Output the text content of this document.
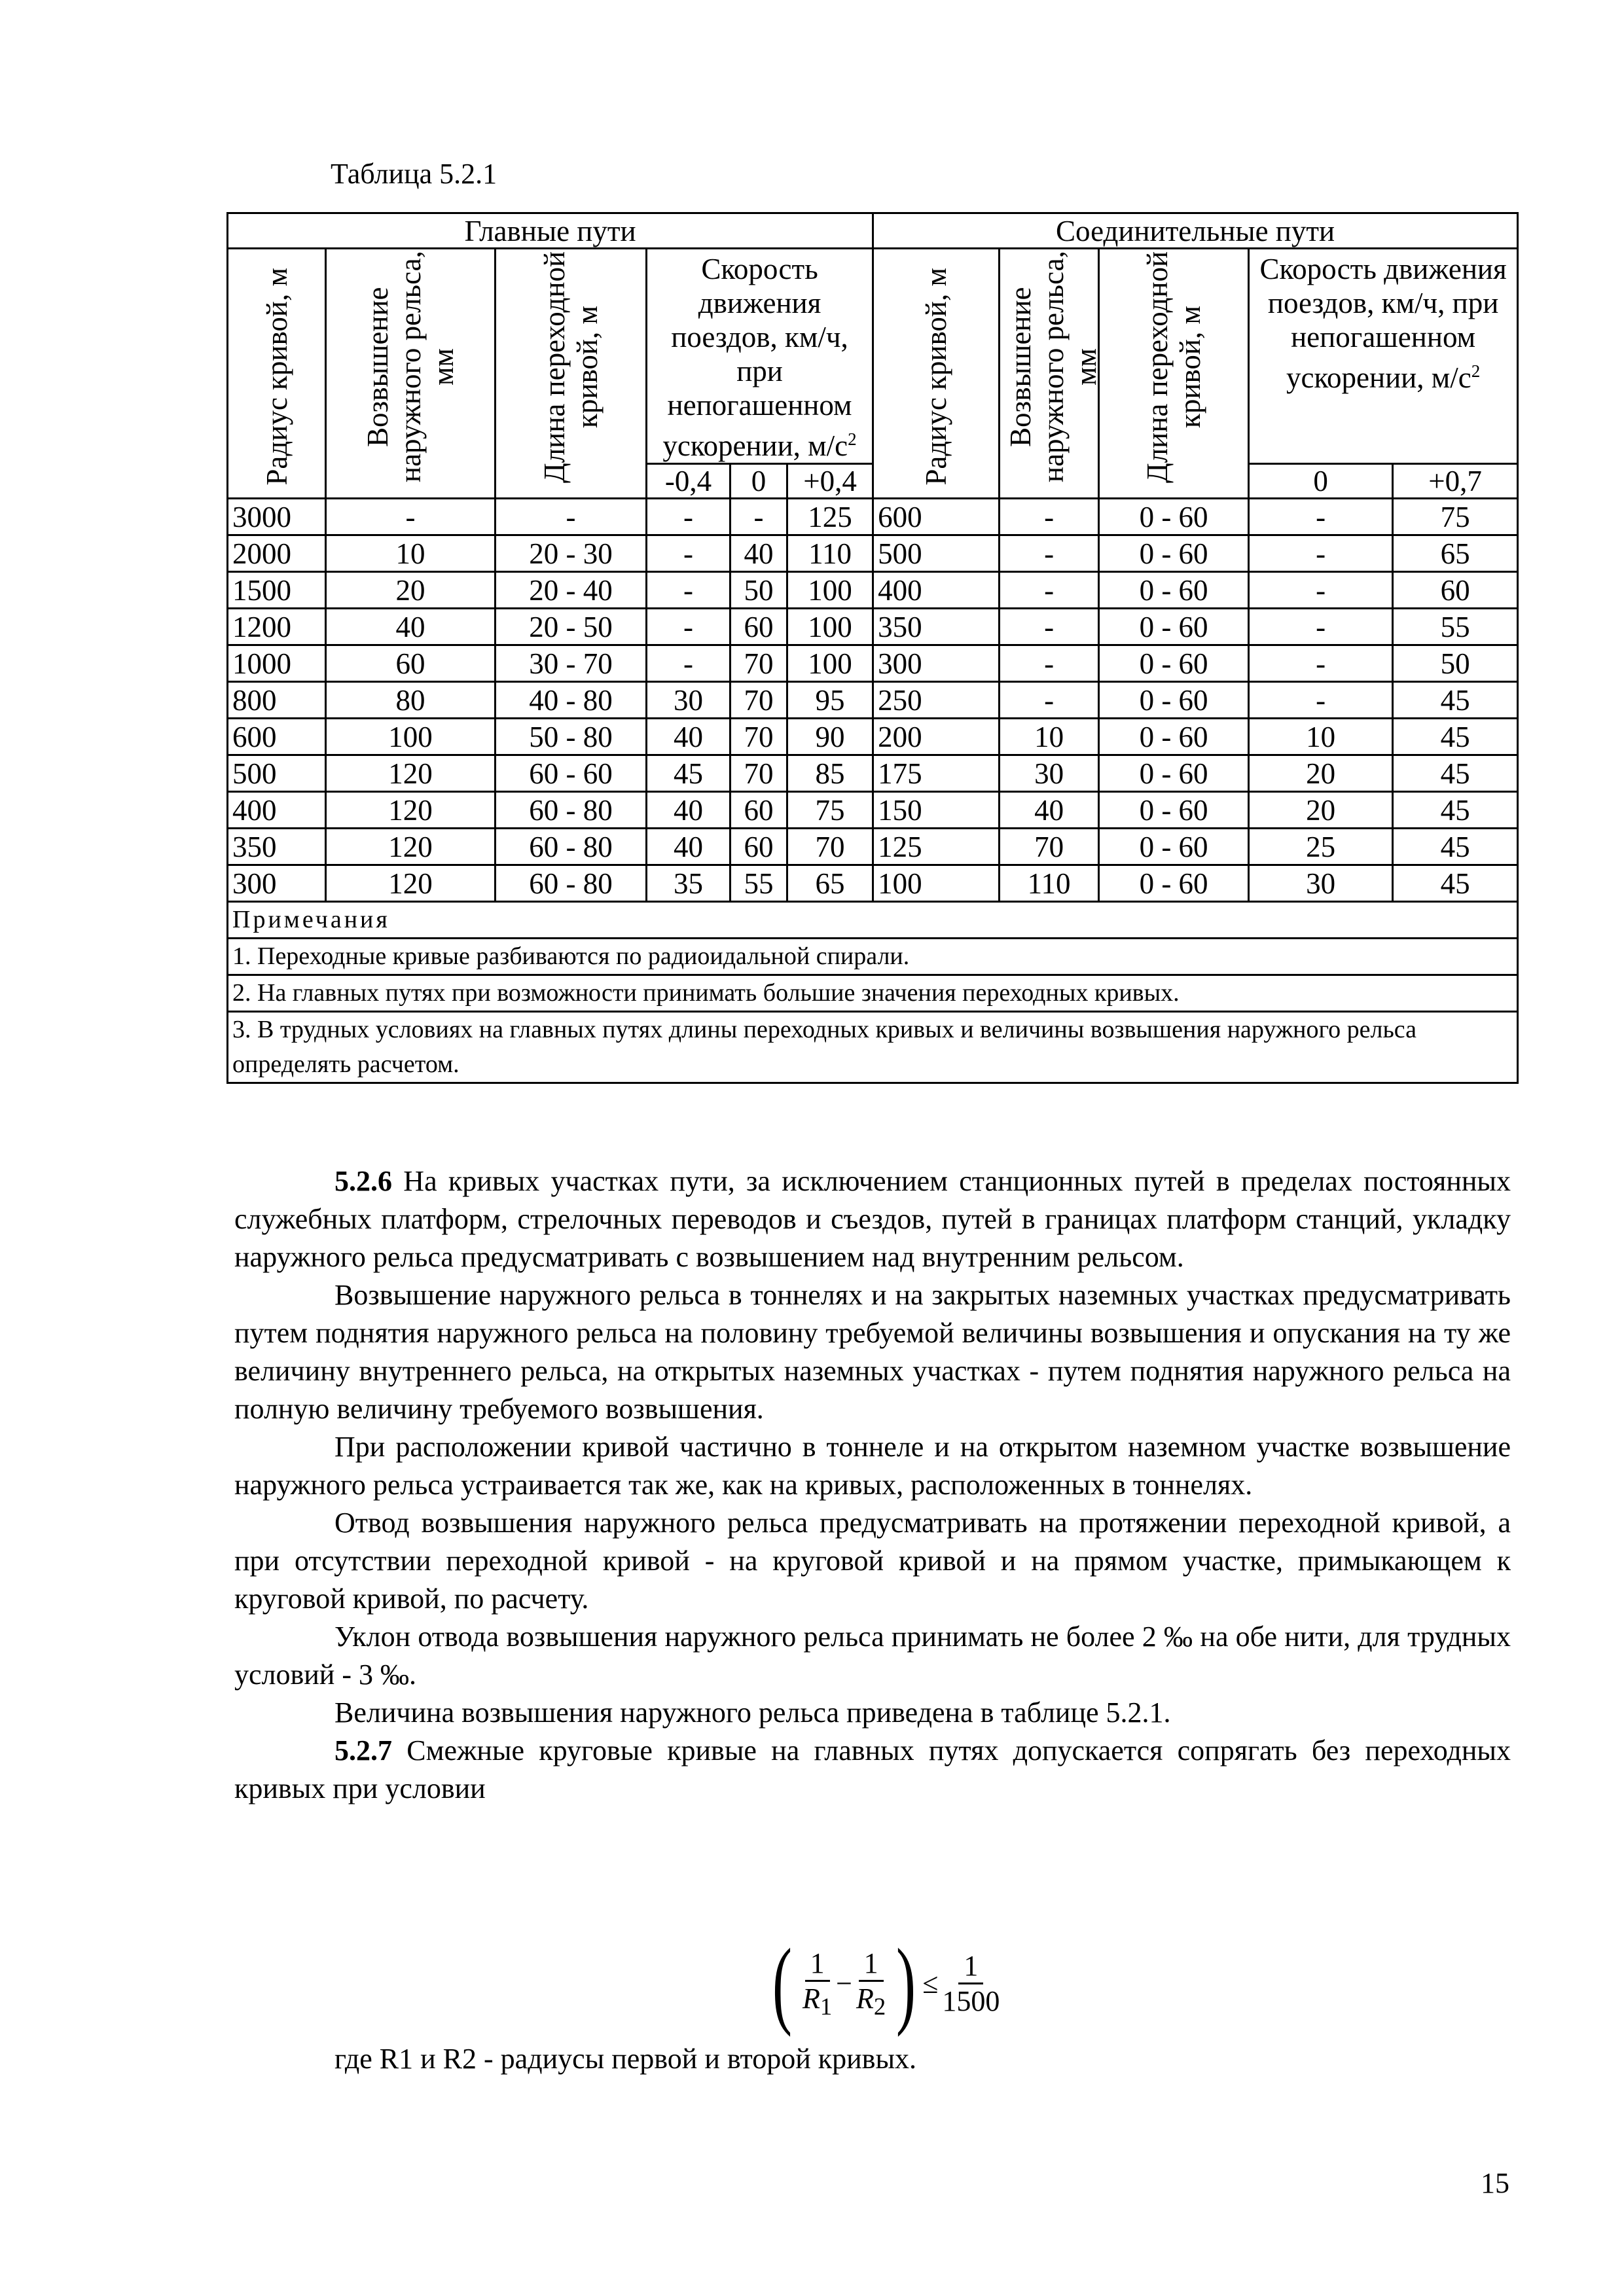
Таблица 5.2.1
Главные пути						Соединительные пути				
Радиус кривой, м	Возвышение наружного рельса, мм	Длина переходной кривой, м	Скорость движения поездов, км/ч, при непогашенном ускорении, $м/с^2$			Радиус кривой, м	Возвышение наружного рельса, мм	Длина переходной кривой, м	Скорость движения поездов, км/ч, при непогашенном ускорении, $м/с^2$
			-0,4	0	+0,4				0	+0,7
3000	-	-	-	-	125	600	-	0 - 60	-	75
2000	10	20 - 30	-	40	110	500	-	0 - 60	-	65
1500	20	20 - 40	-	50	100	400	-	0 - 60	-	60
1200	40	20 - 50	-	60	100	350	-	0 - 60	-	55
1000	60	30 - 70	-	70	100	300	-	0 - 60	-	50
800	80	40 - 80	30	70	95	250	-	0 - 60	-	45
600	100	50 - 80	40	70	90	200	10	0 - 60	10	45
500	120	60 - 60	45	70	85	175	30	0 - 60	20	45
400	120	60 - 80	40	60	75	150	40	0 - 60	20	45
350	120	60 - 80	40	60	70	125	70	0 - 60	25	45
300	120	60 - 80	35	55	65	100	110	0 - 60	30	45
Примечания										
1. Переходные кривые разбиваются по радиоидальной спирали.										
2. На главных путях при возможности принимать большие значения переходных кривых.										
3. В трудных условиях на главных путях длины переходных кривых и величины возвышения наружного рельса определять расчетом.										

5.2.6 На кривых участках пути, за исключением станционных путей в пределах постоянных служебных платформ, стрелочных переводов и съездов, путей в границах платформ станций, укладку наружного рельса предусматривать с возвышением над внутренним рельсом.

Возвышение наружного рельса в тоннелях и на закрытых наземных участках предусматривать путем поднятия наружного рельса на половину требуемой величины возвышения и опускания на ту же величину внутреннего рельса, на открытых наземных участках - путем поднятия наружного рельса на полную величину требуемого возвышения.

При расположении кривой частично в тоннеле и на открытом наземном участке возвышение наружного рельса устраивается так же, как на кривых, расположенных в тоннелях.

Отвод возвышения наружного рельса предусматривать на протяжении переходной кривой, а при отсутствии переходной кривой - на круговой кривой и на прямом участке, примыкающем к круговой кривой, по расчету.

Уклон отвода возвышения наружного рельса принимать не более 2 ‰ на обе нити, для трудных условий - 3 ‰.

Величина возвышения наружного рельса приведена в таблице 5.2.1.

5.2.7 Смежные круговые кривые на главных путях допускается сопрягать без переходных кривых при условии

( $\frac{1}{R_1} - \frac{1}{R_2}$ ) ≤ $\frac{1}{1500}$
где R1 и R2 - радиусы первой и второй кривых.
15
